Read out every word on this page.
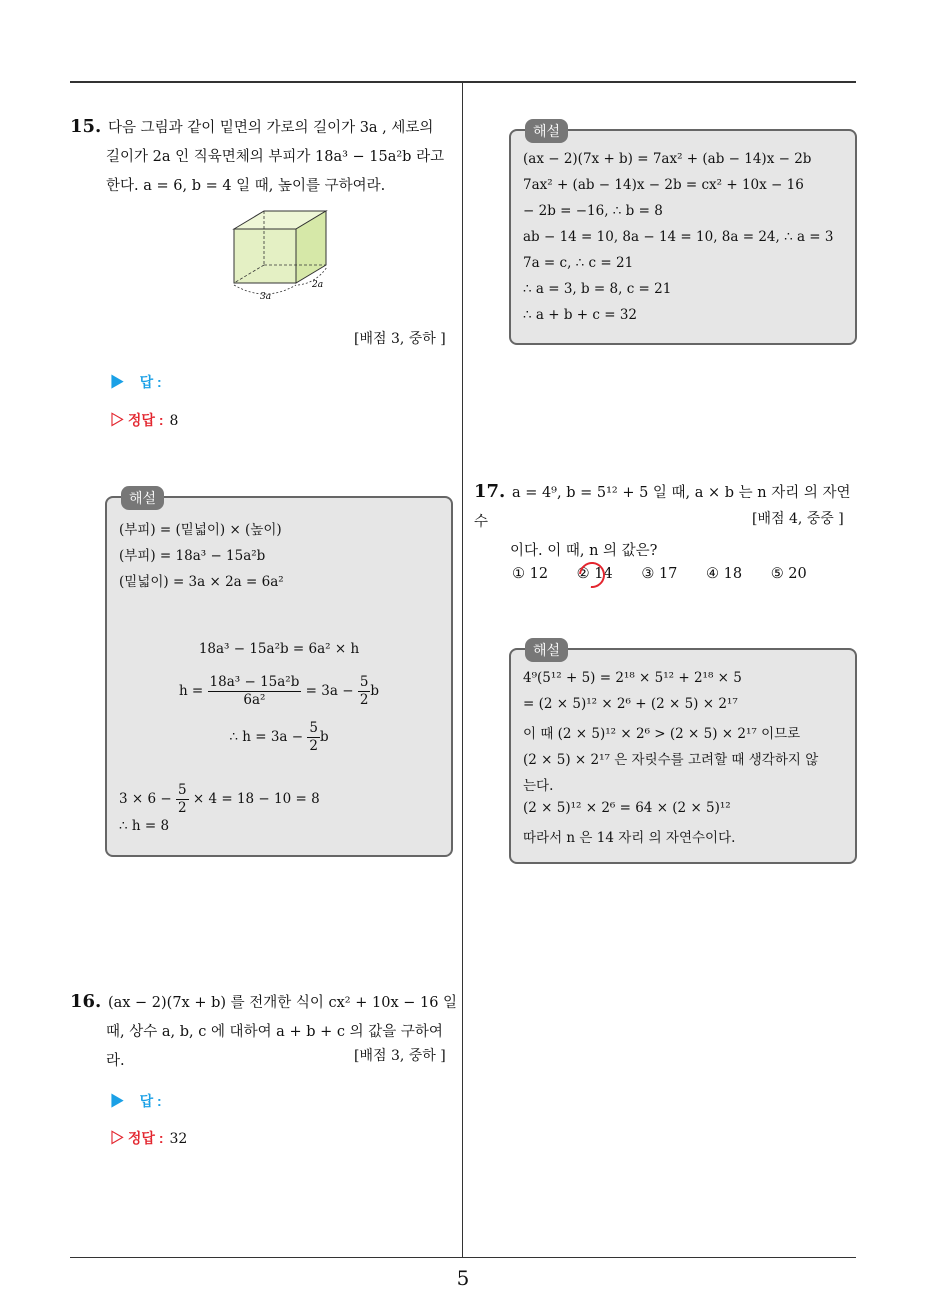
5
15. 다음 그림과 같이 밑면의 가로의 길이가 3a , 세로의
길이가 2a 인 직육면체의 부피가 18a³ − 15a²b 라고
한다. a = 6, b = 4 일 때, 높이를 구하여라.
3a
2a
[배점 3, 중하 ]
▶ 답 :
▷ 정답 : 8
해설
(부피) = (밑넓이) × (높이)
(부피) = 18a³ − 15a²b
(밑넓이) = 3a × 2a = 6a²
18a³ − 15a²b = 6a² × h
$h = \frac{\text{18a³ − 15a²b}}{\text{6a²}} = 3a - \frac{5}{2}$ b
∴ $h = 3a - \frac{5}{2}$ b
$3 \times 6 - \frac{5}{2} \times 4 = 18 - 10 = 8$
∴ h = 8
16. (ax − 2)(7x + b) 를 전개한 식이 cx² + 10x − 16 일
때, 상수 a, b, c 에 대하여 a + b + c 의 값을 구하여라.	[배점 3, 중하 ]
▶ 답 :
▷ 정답 : 32
해설
(ax − 2)(7x + b) = 7ax² + (ab − 14)x − 2b
7ax² + (ab − 14)x − 2b = cx² + 10x − 16
− 2b = −16, ∴ b = 8
ab − 14 = 10, 8a − 14 = 10, 8a = 24, ∴ a = 3
7a = c, ∴ c = 21
∴ a = 3, b = 8, c = 21
∴ a + b + c = 32
17. a = 4⁹, b = 5¹² + 5 일 때, a × b 는 n 자리 의 자연수
이다. 이 때, n 의 값은?
[배점 4, 중중 ]
① 12 ② 14 ③ 17 ④ 18 ⑤ 20
해설
4⁹(5¹² + 5) = 2¹⁸ × 5¹² + 2¹⁸ × 5
= (2 × 5)¹² × 2⁶ + (2 × 5) × 2¹⁷
이 때 (2 × 5)¹² × 2⁶ > (2 × 5) × 2¹⁷ 이므로
(2 × 5) × 2¹⁷ 은 자릿수를 고려할 때 생각하지 않
는다.
(2 × 5)¹² × 2⁶ = 64 × (2 × 5)¹²
따라서 n 은 14 자리 의 자연수이다.
